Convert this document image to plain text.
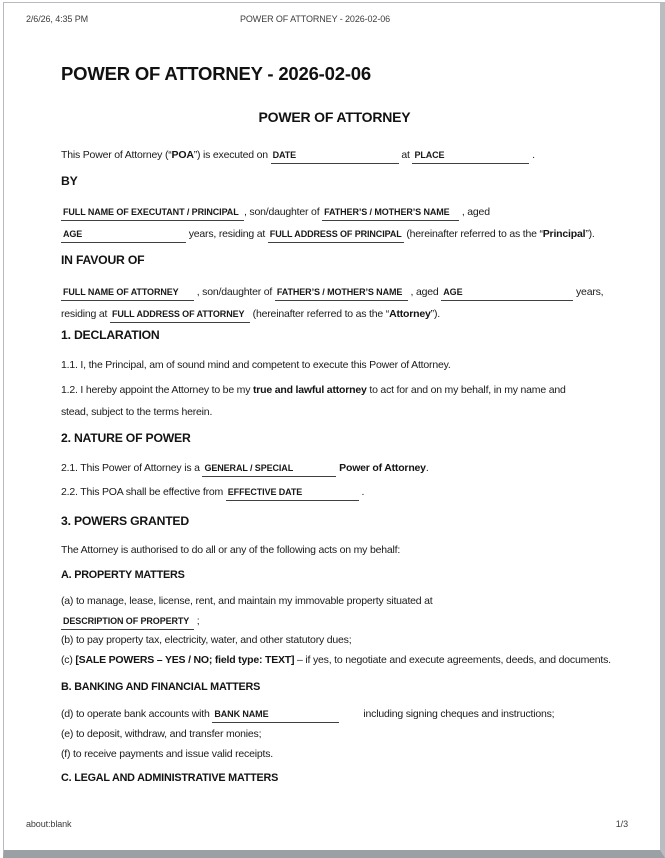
2/6/26, 4:35 PM	POWER OF ATTORNEY - 2026-02-06
POWER OF ATTORNEY - 2026-02-06
POWER OF ATTORNEY
This Power of Attorney (“POA”) is executed on DATE	at PLACE	.
BY
FULL NAME OF EXECUTANT / PRINCIPAL , son/daughter of FATHER’S / MOTHER’S NAME , aged
AGE	years, residing at FULL ADDRESS OF PRINCIPAL (hereinafter referred to as the “Principal”).
IN FAVOUR OF
FULL NAME OF ATTORNEY , son/daughter of FATHER’S / MOTHER’S NAME , aged AGE	years,
residing at FULL ADDRESS OF ATTORNEY (hereinafter referred to as the “Attorney”).
1. DECLARATION
1.1. I, the Principal, am of sound mind and competent to execute this Power of Attorney.
1.2. I hereby appoint the Attorney to be my true and lawful attorney to act for and on my behalf, in my name and
stead, subject to the terms herein.
2. NATURE OF POWER
2.1. This Power of Attorney is a GENERAL / SPECIAL	Power of Attorney.
2.2. This POA shall be effective from EFFECTIVE DATE	.
3. POWERS GRANTED
The Attorney is authorised to do all or any of the following acts on my behalf:
A. PROPERTY MATTERS
(a) to manage, lease, license, rent, and maintain my immovable property situated at
DESCRIPTION OF PROPERTY ;
(b) to pay property tax, electricity, water, and other statutory dues;
(c) [SALE POWERS – YES / NO; field type: TEXT] – if yes, to negotiate and execute agreements, deeds, and documents.
B. BANKING AND FINANCIAL MATTERS
(d) to operate bank accounts with BANK NAME	including signing cheques and instructions;
(e) to deposit, withdraw, and transfer monies;
(f) to receive payments and issue valid receipts.
C. LEGAL AND ADMINISTRATIVE MATTERS
about:blank	1/3
